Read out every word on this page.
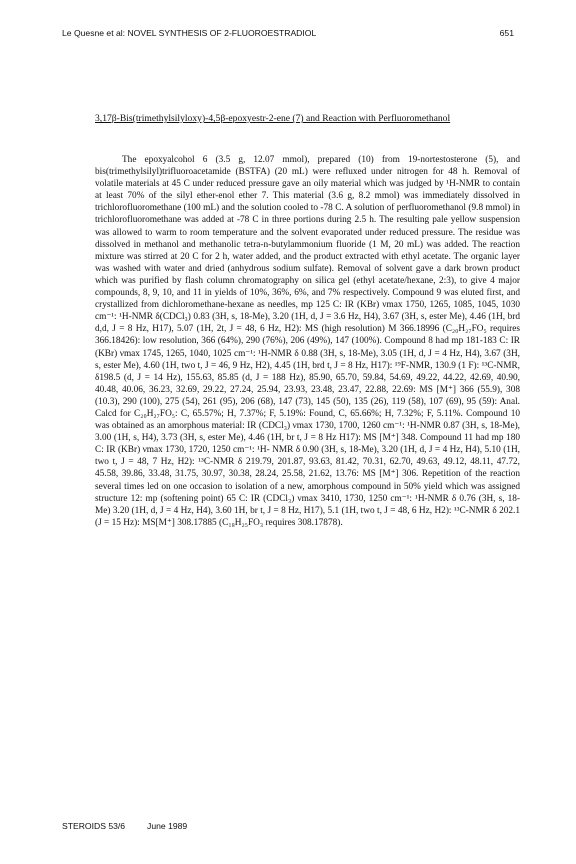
Le Quesne et al: NOVEL SYNTHESIS OF 2-FLUOROESTRADIOL	651
3,17β-Bis(trimethylsilyloxy)-4,5β-epoxyestr-2-ene (7) and Reaction with Perfluoromethanol

The epoxyalcohol 6 (3.5 g, 12.07 mmol), prepared (10) from 19-nortestosterone (5), and bis(trimethylsilyl)trifluoroacetamide (BSTFA) (20 mL) were refluxed under nitrogen for 48 h. Removal of volatile materials at 45 C under reduced pressure gave an oily material which was judged by ¹H-NMR to contain at least 70% of the silyl ether-enol ether 7. This material (3.6 g, 8.2 mmol) was immediately dissolved in trichlorofluoromethane (100 mL) and the solution cooled to -78 C. A solution of perfluoromethanol (9.8 mmol) in trichlorofluoromethane was added at -78 C in three portions during 2.5 h. The resulting pale yellow suspension was allowed to warm to room temperature and the solvent evaporated under reduced pressure. The residue was dissolved in methanol and methanolic tetra-n-butylammonium fluoride (1 M, 20 mL) was added. The reaction mixture was stirred at 20 C for 2 h, water added, and the product extracted with ethyl acetate. The organic layer was washed with water and dried (anhydrous sodium sulfate). Removal of solvent gave a dark brown product which was purified by flash column chromatography on silica gel (ethyl acetate/hexane, 2:3), to give 4 major compounds, 8, 9, 10, and 11 in yields of 10%, 36%, 6%, and 7% respectively. Compound 9 was eluted first, and crystallized from dichloromethane-hexane as needles, mp 125 C: IR (KBr) νmax 1750, 1265, 1085, 1045, 1030 cm⁻¹: ¹H-NMR δ(CDCl₃) 0.83 (3H, s, 18-Me), 3.20 (1H, d, J = 3.6 Hz, H4), 3.67 (3H, s, ester Me), 4.46 (1H, brd d,d, J = 8 Hz, H17), 5.07 (1H, 2t, J = 48, 6 Hz, H2): MS (high resolution) M 366.18996 (C₂₀H₂₇FO₅ requires 366.18426): low resolution, 366 (64%), 290 (76%), 206 (49%), 147 (100%). Compound 8 had mp 181-183 C: IR (KBr) νmax 1745, 1265, 1040, 1025 cm⁻¹: ¹H-NMR δ 0.88 (3H, s, 18-Me), 3.05 (1H, d, J = 4 Hz, H4), 3.67 (3H, s, ester Me), 4.60 (1H, two t, J = 46, 9 Hz, H2), 4.45 (1H, brd t, J = 8 Hz, H17): ¹⁹F-NMR, 130.9 (1 F): ¹³C-NMR, δ198.5 (d, J = 14 Hz), 155.63, 85.85 (d, J = 188 Hz), 85.90, 65.70, 59.84, 54.69, 49.22, 44.22, 42.69, 40.90, 40.48, 40.06, 36.23, 32.69, 29.22, 27.24, 25.94, 23.93, 23.48, 23.47, 22.88, 22.69: MS [M⁺] 366 (55.9), 308 (10.3), 290 (100), 275 (54), 261 (95), 206 (68), 147 (73), 145 (50), 135 (26), 119 (58), 107 (69), 95 (59): Anal. Calcd for C₂₀H₂₇FO₅: C, 65.57%; H, 7.37%; F, 5.19%: Found, C, 65.66%; H, 7.32%; F, 5.11%. Compound 10 was obtained as an amorphous material: IR (CDCl₃) νmax 1730, 1700, 1260 cm⁻¹: ¹H-NMR 0.87 (3H, s, 18-Me), 3.00 (1H, s, H4), 3.73 (3H, s, ester Me), 4.46 (1H, br t, J = 8 Hz H17): MS [M⁺] 348. Compound 11 had mp 180 C: IR (KBr) νmax 1730, 1720, 1250 cm⁻¹: ¹H- NMR δ 0.90 (3H, s, 18-Me), 3.20 (1H, d, J = 4 Hz, H4), 5.10 (1H, two t, J = 48, 7 Hz, H2): ¹³C-NMR δ 219.79, 201.87, 93.63, 81.42, 70.31, 62.70, 49.63, 49.12, 48.11, 47.72, 45.58, 39.86, 33.48, 31.75, 30.97, 30.38, 28.24, 25.58, 21.62, 13.76: MS [M⁺] 306. Repetition of the reaction several times led on one occasion to isolation of a new, amorphous compound in 50% yield which was assigned structure 12: mp (softening point) 65 C: IR (CDCl₃) νmax 3410, 1730, 1250 cm⁻¹: ¹H-NMR δ 0.76 (3H, s, 18-Me) 3.20 (1H, d, J = 4 Hz, H4), 3.60 1H, br t, J = 8 Hz, H17), 5.1 (1H, two t, J = 48, 6 Hz, H2): ¹³C-NMR δ 202.1 (J = 15 Hz): MS[M⁺] 308.17885 (C₁₈H₂₅FO₃ requires 308.17878).

STEROIDS 53/6	June 1989
